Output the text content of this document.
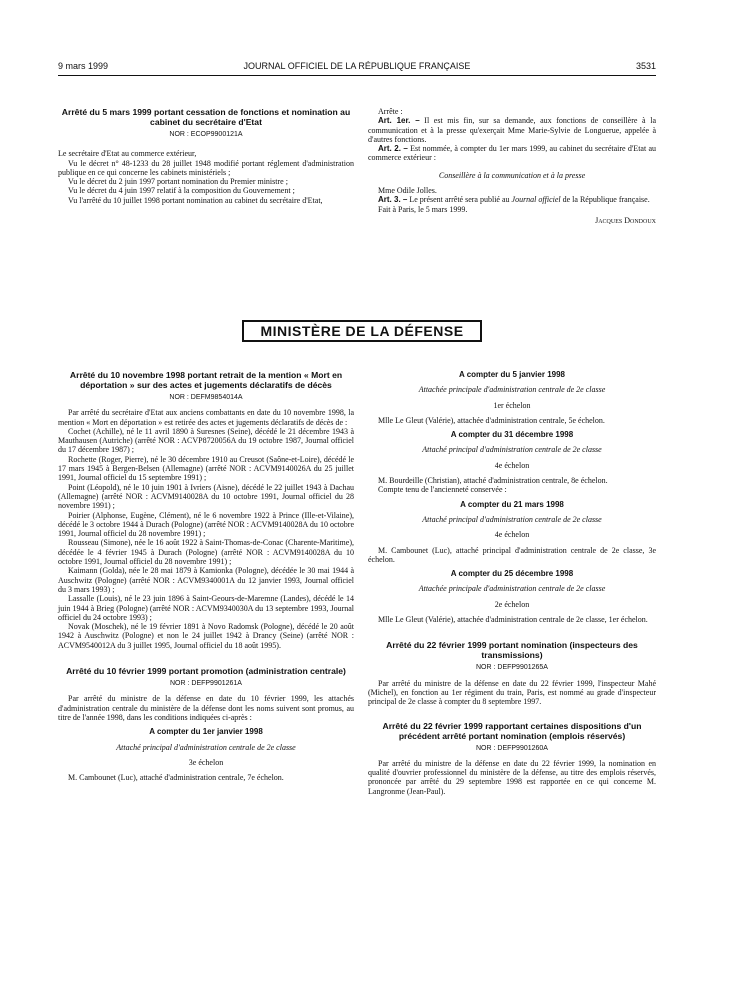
9 mars 1999	JOURNAL OFFICIEL DE LA RÉPUBLIQUE FRANÇAISE	3531
Arrêté du 5 mars 1999 portant cessation de fonctions et nomination au cabinet du secrétaire d'Etat
NOR : ECOP9900121A

Le secrétaire d'Etat au commerce extérieur,

Vu le décret n° 48-1233 du 28 juillet 1948 modifié portant réglement d'administration publique en ce qui concerne les cabinets ministériels ;

Vu le décret du 2 juin 1997 portant nomination du Premier ministre ;

Vu le décret du 4 juin 1997 relatif à la composition du Gouvernement ;

Vu l'arrêté du 10 juillet 1998 portant nomination au cabinet du secrétaire d'Etat,

Arrête :

Art. 1er. – Il est mis fin, sur sa demande, aux fonctions de conseillère à la communication et à la presse qu'exerçait Mme Marie-Sylvie de Longuerue, appelée à d'autres fonctions.

Art. 2. – Est nommée, à compter du 1er mars 1999, au cabinet du secrétaire d'Etat au commerce extérieur :

Conseillère à la communication et à la presse

Mme Odile Jolles.

Art. 3. – Le présent arrêté sera publié au Journal officiel de la République française.

Fait à Paris, le 5 mars 1999.

Jacques Dondoux
MINISTÈRE DE LA DÉFENSE
Arrêté du 10 novembre 1998 portant retrait de la mention « Mort en déportation » sur des actes et jugements déclaratifs de décès
NOR : DEFM9854014A

Par arrêté du secrétaire d'Etat aux anciens combattants en date du 10 novembre 1998, la mention « Mort en déportation » est retirée des actes et jugements déclaratifs de décès de :

Cochet (Achille), né le 11 avril 1890 à Suresnes (Seine), décédé le 21 décembre 1943 à Mauthausen (Autriche) (arrêté NOR : ACVP8720056A du 19 octobre 1987, Journal officiel du 17 décembre 1987) ;

Rochette (Roger, Pierre), né le 30 décembre 1910 au Creusot (Saône-et-Loire), décédé le 17 mars 1945 à Bergen-Belsen (Allemagne) (arrêté NOR : ACVM9140026A du 25 juillet 1991, Journal officiel du 15 septembre 1991) ;

Point (Léopold), né le 10 juin 1901 à Ivriers (Aisne), décédé le 22 juillet 1943 à Dachau (Allemagne) (arrêté NOR : ACVM9140028A du 10 octobre 1991, Journal officiel du 28 novembre 1991) ;

Poirier (Alphonse, Eugène, Clément), né le 6 novembre 1922 à Prince (Ille-et-Vilaine), décédé le 3 octobre 1944 à Durach (Pologne) (arrêté NOR : ACVM9140028A du 10 octobre 1991, Journal officiel du 28 novembre 1991) ;

Rousseau (Simone), née le 16 août 1922 à Saint-Thomas-de-Conac (Charente-Maritime), décédée le 4 février 1945 à Durach (Pologne) (arrêté NOR : ACVM9140028A du 10 octobre 1991, Journal officiel du 28 novembre 1991) ;

Kaimann (Golda), née le 28 mai 1879 à Kamionka (Pologne), décédée le 30 mai 1944 à Auschwitz (Pologne) (arrêté NOR : ACVM9340001A du 12 janvier 1993, Journal officiel du 3 mars 1993) ;

Lassalle (Louis), né le 23 juin 1896 à Saint-Geours-de-Maremne (Landes), décédé le 14 juin 1944 à Brieg (Pologne) (arrêté NOR : ACVM9340030A du 13 septembre 1993, Journal officiel du 24 octobre 1993) ;

Novak (Moschek), né le 19 février 1891 à Novo Radomsk (Pologne), décédé le 20 août 1942 à Auschwitz (Pologne) et non le 24 juillet 1942 à Drancy (Seine) (arrêté NOR : ACVM9540012A du 3 juillet 1995, Journal officiel du 18 août 1995).

Arrêté du 10 février 1999 portant promotion (administration centrale)
NOR : DEFP9901261A

Par arrêté du ministre de la défense en date du 10 février 1999, les attachés d'administration centrale du ministère de la défense dont les noms suivent sont promus, au titre de l'année 1998, dans les conditions indiquées ci-après :

A compter du 1er janvier 1998
Attaché principal d'administration centrale de 2e classe
3e échelon

M. Cambounet (Luc), attaché d'administration centrale, 7e échelon.

A compter du 5 janvier 1998
Attachée principale d'administration centrale de 2e classe
1er échelon

Mlle Le Gleut (Valérie), attachée d'administration centrale, 5e échelon.

A compter du 31 décembre 1998
Attaché principal d'administration centrale de 2e classe
4e échelon

M. Bourdeille (Christian), attaché d'administration centrale, 8e échelon.

Compte tenu de l'ancienneté conservée :

A compter du 21 mars 1998
Attaché principal d'administration centrale de 2e classe
4e échelon

M. Cambounet (Luc), attaché principal d'administration centrale de 2e classe, 3e échelon.

A compter du 25 décembre 1998
Attachée principale d'administration centrale de 2e classe
2e échelon

Mlle Le Gleut (Valérie), attachée d'administration centrale de 2e classe, 1er échelon.

Arrêté du 22 février 1999 portant nomination (inspecteurs des transmissions)
NOR : DEFP9901265A

Par arrêté du ministre de la défense en date du 22 février 1999, l'inspecteur Mahé (Michel), en fonction au 1er régiment du train, Paris, est nommé au grade d'inspecteur principal de 2e classe à compter du 8 septembre 1997.

Arrêté du 22 février 1999 rapportant certaines dispositions d'un précédent arrêté portant nomination (emplois réservés)
NOR : DEFP9901260A

Par arrêté du ministre de la défense en date du 22 février 1999, la nomination en qualité d'ouvrier professionnel du ministère de la défense, au titre des emplois réservés, prononcée par arrêté du 29 septembre 1998 est rapportée en ce qui concerne M. Langronme (Jean-Paul).
